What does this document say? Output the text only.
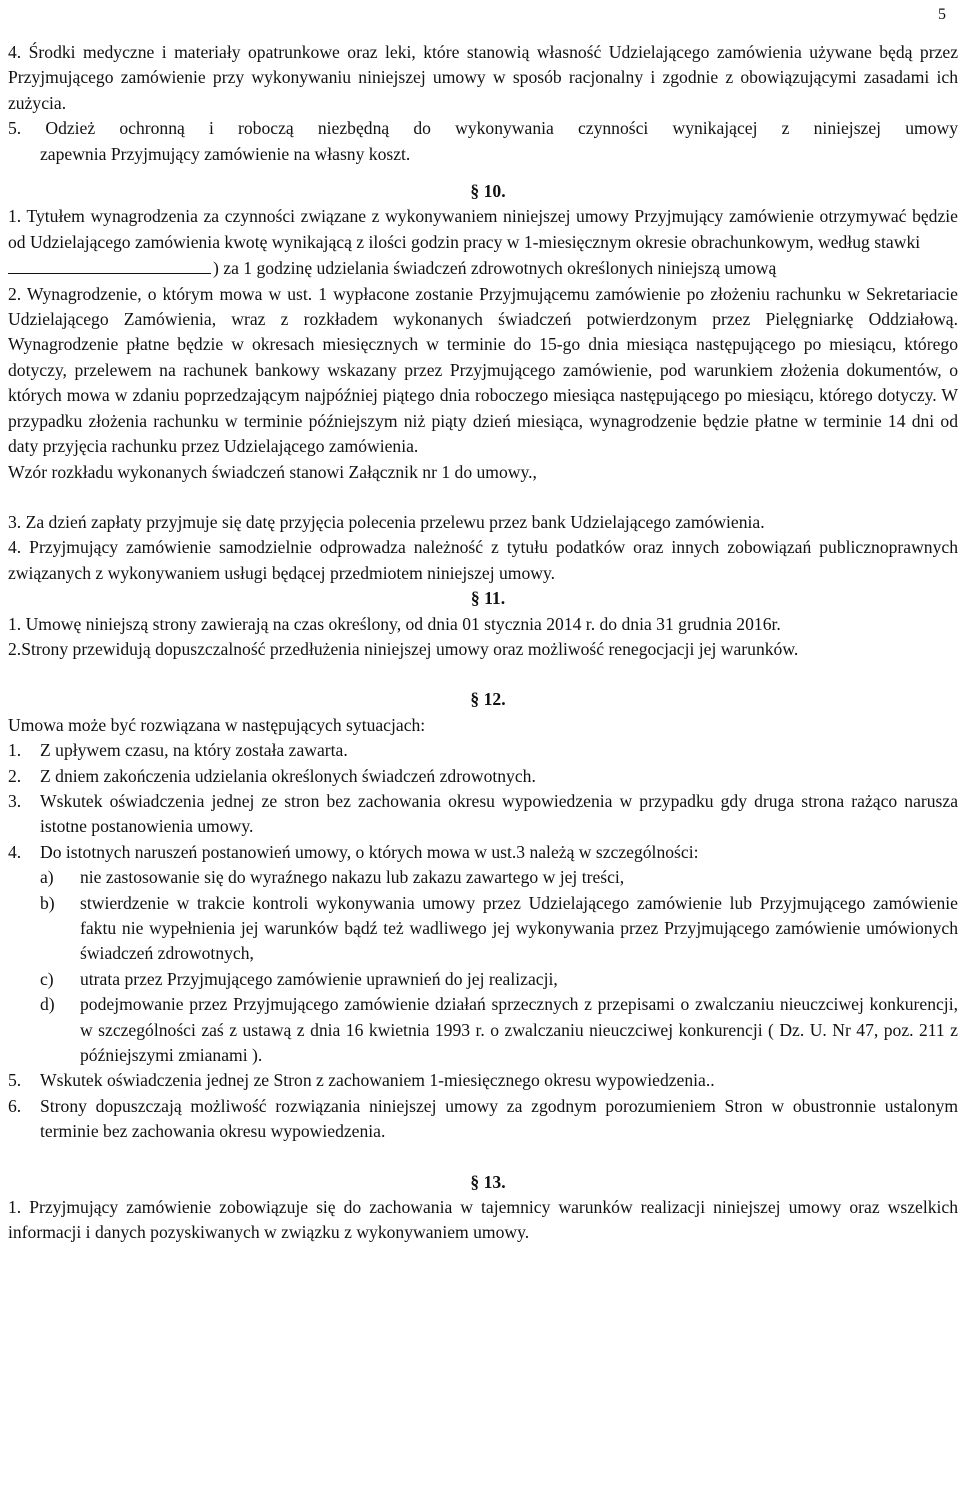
5

4. Środki medyczne i materiały opatrunkowe oraz leki, które stanowią własność Udzielającego zamówienia używane będą przez Przyjmującego zamówienie przy wykonywaniu niniejszej umowy w sposób racjonalny i zgodnie z obowiązującymi zasadami ich zużycia.

5. Odzież ochronną i roboczą niezbędną do wykonywania czynności wynikającej z niniejszej umowy

zapewnia Przyjmujący zamówienie na własny koszt.

§ 10.

1. Tytułem wynagrodzenia za czynności związane z wykonywaniem niniejszej umowy Przyjmujący zamówienie otrzymywać będzie od Udzielającego zamówienia kwotę wynikającą z ilości godzin pracy w 1-miesięcznym okresie obrachunkowym, według stawki

) za 1 godzinę udzielania świadczeń zdrowotnych określonych niniejszą umową

2. Wynagrodzenie, o którym mowa w ust. 1 wypłacone zostanie Przyjmującemu zamówienie po złożeniu rachunku w Sekretariacie Udzielającego Zamówienia, wraz z rozkładem wykonanych świadczeń potwierdzonym przez Pielęgniarkę Oddziałową. Wynagrodzenie płatne będzie w okresach miesięcznych w terminie do 15-go dnia miesiąca następującego po miesiącu, którego dotyczy, przelewem na rachunek bankowy wskazany przez Przyjmującego zamówienie, pod warunkiem złożenia dokumentów, o których mowa w zdaniu poprzedzającym najpóźniej piątego dnia roboczego miesiąca następującego po miesiącu, którego dotyczy. W przypadku złożenia rachunku w terminie późniejszym niż piąty dzień miesiąca, wynagrodzenie będzie płatne w terminie 14 dni od daty przyjęcia rachunku przez Udzielającego zamówienia.

Wzór rozkładu wykonanych świadczeń stanowi Załącznik nr 1 do umowy.,

3. Za dzień zapłaty przyjmuje się datę przyjęcia polecenia przelewu przez bank Udzielającego zamówienia.

4. Przyjmujący zamówienie samodzielnie odprowadza należność z tytułu podatków oraz innych zobowiązań publicznoprawnych związanych z wykonywaniem usługi będącej przedmiotem niniejszej umowy.

§ 11.

1. Umowę niniejszą strony zawierają na czas określony, od dnia 01 stycznia 2014 r. do dnia 31 grudnia 2016r.

2.Strony przewidują dopuszczalność przedłużenia niniejszej umowy oraz możliwość renegocjacji jej warunków.

§ 12.

Umowa może być rozwiązana w następujących sytuacjach:

1.	Z upływem czasu, na który została zawarta.
2.	Z dniem zakończenia udzielania określonych świadczeń zdrowotnych.
3.	Wskutek oświadczenia jednej ze stron bez zachowania okresu wypowiedzenia w przypadku gdy druga strona rażąco narusza istotne postanowienia umowy.
4.	Do istotnych naruszeń postanowień umowy, o których mowa w ust.3 należą w szczególności:
a)	nie zastosowanie się do wyraźnego nakazu lub zakazu zawartego w jej treści,
b)	stwierdzenie w trakcie kontroli wykonywania umowy przez Udzielającego zamówienie lub Przyjmującego zamówienie faktu nie wypełnienia jej warunków bądź też wadliwego jej wykonywania przez Przyjmującego zamówienie umówionych świadczeń zdrowotnych,
c)	utrata przez Przyjmującego zamówienie uprawnień do jej realizacji,
d)	podejmowanie przez Przyjmującego zamówienie działań sprzecznych z przepisami o zwalczaniu nieuczciwej konkurencji, w szczególności zaś z ustawą z dnia 16 kwietnia 1993 r. o zwalczaniu nieuczciwej konkurencji ( Dz. U. Nr 47, poz. 211 z późniejszymi zmianami ).
5.	Wskutek oświadczenia jednej ze Stron z zachowaniem 1-miesięcznego okresu wypowiedzenia..
6.	Strony dopuszczają możliwość rozwiązania niniejszej umowy za zgodnym porozumieniem Stron w obustronnie ustalonym terminie bez zachowania okresu wypowiedzenia.

§ 13.

1. Przyjmujący zamówienie zobowiązuje się do zachowania w tajemnicy warunków realizacji niniejszej umowy oraz wszelkich informacji i danych pozyskiwanych w związku z wykonywaniem umowy.
